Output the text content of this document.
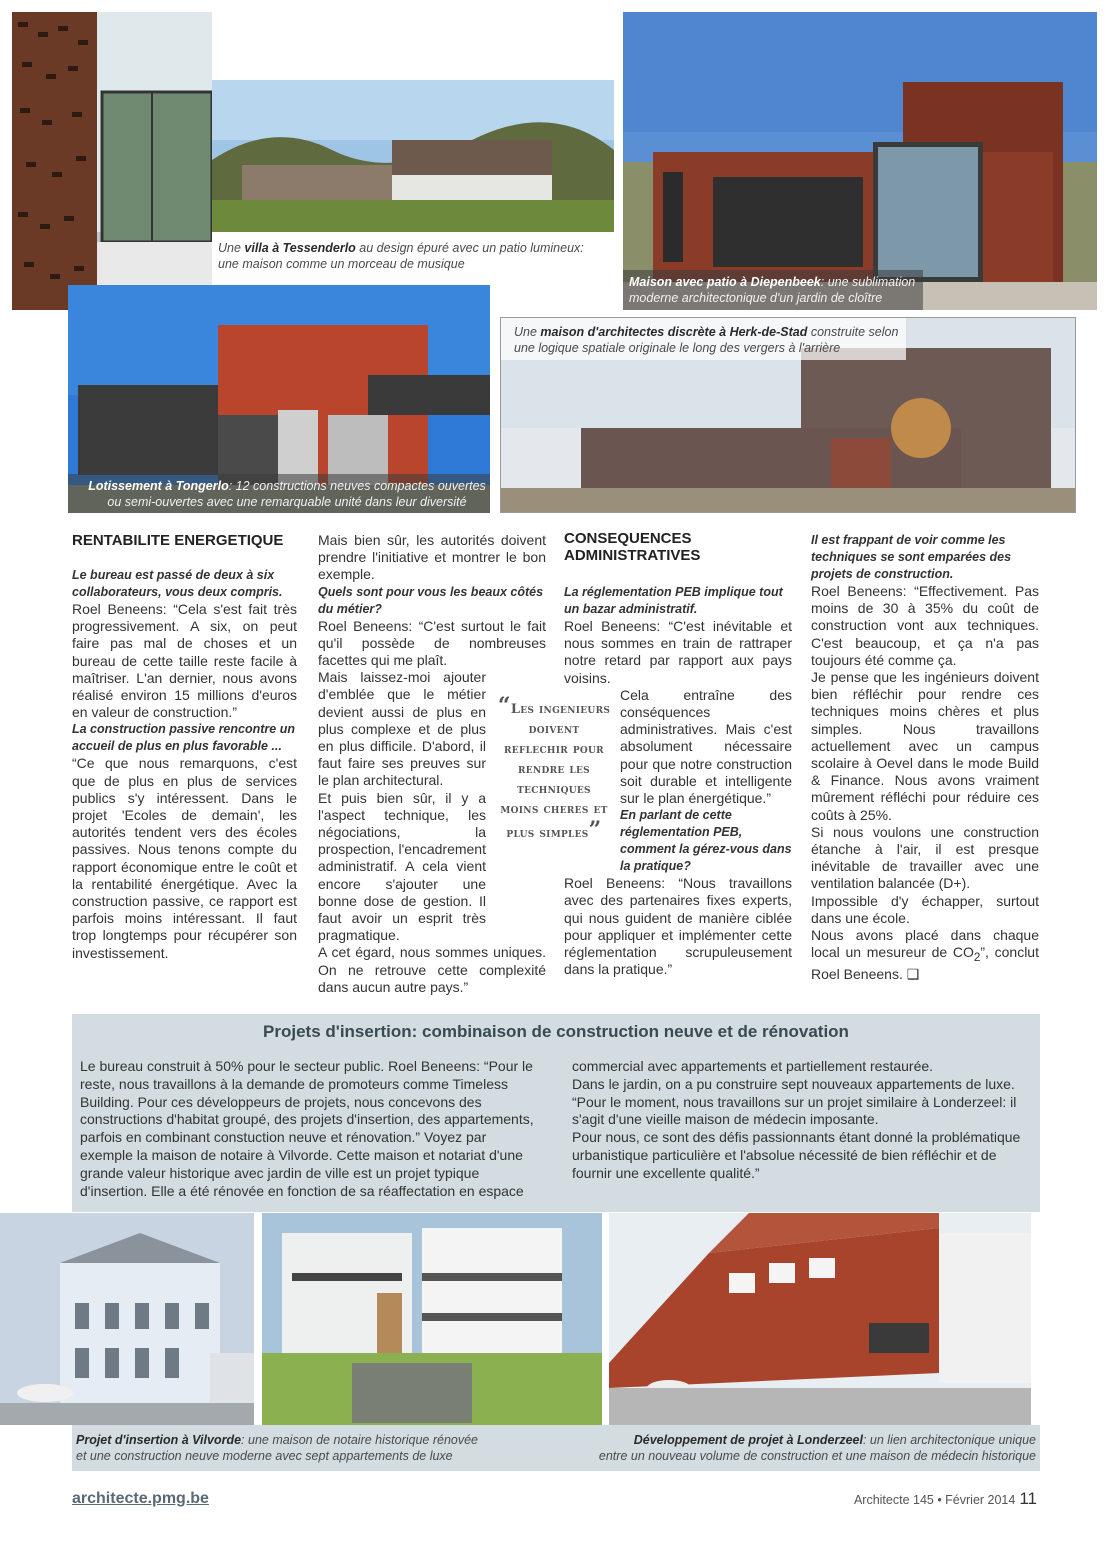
Une villa à Tessenderlo au design épuré avec un patio lumineux:
une maison comme un morceau de musique
Maison avec patio à Diepenbeek: une sublimation
moderne architectonique d'un jardin de cloître
Lotissement à Tongerlo: 12 constructions neuves compactes ouvertes
ou semi-ouvertes avec une remarquable unité dans leur diversité
Une maison d'architectes discrète à Herk-de-Stad construite selon
une logique spatiale originale le long des vergers à l'arrière
RENTABILITE ENERGETIQUE

Le bureau est passé de deux à six collaborateurs, vous deux compris.

Roel Beneens: “Cela s'est fait très progressivement. A six, on peut faire pas mal de choses et un bureau de cette taille reste facile à maîtriser. L'an dernier, nous avons réalisé environ 15 millions d'euros en valeur de construction.”

La construction passive rencontre un accueil de plus en plus favorable ...

“Ce que nous remarquons, c'est que de plus en plus de services publics s'y intéressent. Dans le projet 'Ecoles de demain', les autorités tendent vers des écoles passives. Nous tenons compte du rapport économique entre le coût et la rentabilité énergétique. Avec la construction passive, ce rapport est parfois moins intéressant. Il faut trop longtemps pour récupérer son investissement.

Mais bien sûr, les autorités doivent prendre l'initiative et montrer le bon exemple.

Quels sont pour vous les beaux côtés du métier?

Roel Beneens: “C'est surtout le fait qu'il possède de nombreuses facettes qui me plaît.

Mais laissez-moi ajouter d'emblée que le métier devient aussi de plus en plus complexe et de plus en plus difficile. D'abord, il faut faire ses preuves sur le plan architectural.

Et puis bien sûr, il y a l'aspect technique, les négociations, la prospection, l'encadrement administratif. A cela vient encore s'ajouter une bonne dose de gestion. Il faut avoir un esprit très pragmatique.

A cet égard, nous sommes uniques. On ne retrouve cette complexité dans aucun autre pays.”

“Les ingenieurs
doivent
reflechir pour
rendre les
techniques
moins cheres et
plus simples”
CONSEQUENCES
ADMINISTRATIVES

La réglementation PEB implique tout un bazar administratif.

Roel Beneens: “C'est inévitable et nous sommes en train de rattraper notre retard par rapport aux pays voisins.

Cela entraîne des conséquences administratives. Mais c'est absolument nécessaire pour que notre construction soit durable et intelligente sur le plan énergétique.”

En parlant de cette réglementation PEB, comment la gérez-vous dans la pratique?

Roel Beneens: “Nous travaillons avec des partenaires fixes experts, qui nous guident de manière ciblée pour appliquer et implémenter cette réglementation scrupuleusement dans la pratique.”

Il est frappant de voir comme les techniques se sont emparées des projets de construction.

Roel Beneens: “Effectivement. Pas moins de 30 à 35% du coût de construction vont aux techniques. C'est beaucoup, et ça n'a pas toujours été comme ça.

Je pense que les ingénieurs doivent bien réfléchir pour rendre ces techniques moins chères et plus simples. Nous travaillons actuellement avec un campus scolaire à Oevel dans le mode Build & Finance. Nous avons vraiment mûrement réfléchi pour réduire ces coûts à 25%.

Si nous voulons une construction étanche à l'air, il est presque inévitable de travailler avec une ventilation balancée (D+).

Impossible d'y échapper, surtout dans une école.

Nous avons placé dans chaque local un mesureur de $CO_2$”, conclut Roel Beneens. ❑

Projets d'insertion: combinaison de construction neuve et de rénovation
Le bureau construit à 50% pour le secteur public. Roel Beneens: “Pour le reste, nous travaillons à la demande de promoteurs comme Timeless Building. Pour ces développeurs de projets, nous concevons des constructions d'habitat groupé, des projets d'insertion, des appartements, parfois en combinant constuction neuve et rénovation.” Voyez par exemple la maison de notaire à Vilvorde. Cette maison et notariat d'une grande valeur historique avec jardin de ville est un projet typique d'insertion. Elle a été rénovée en fonction de sa réaffectation en espace
commercial avec appartements et partiellement restaurée.
Dans le jardin, on a pu construire sept nouveaux appartements de luxe.
“Pour le moment, nous travaillons sur un projet similaire à Londerzeel: il s'agit d'une vieille maison de médecin imposante.
Pour nous, ce sont des défis passionnants étant donné la problématique urbanistique particulière et l'absolue nécessité de bien réfléchir et de fournir une excellente qualité.”
Projet d'insertion à Vilvorde: une maison de notaire historique rénovée
et une construction neuve moderne avec sept appartements de luxe
Développement de projet à Londerzeel: un lien architectonique unique
entre un nouveau volume de construction et une maison de médecin historique
architecte.pmg.be	Architecte 145 • Février 2014 11
